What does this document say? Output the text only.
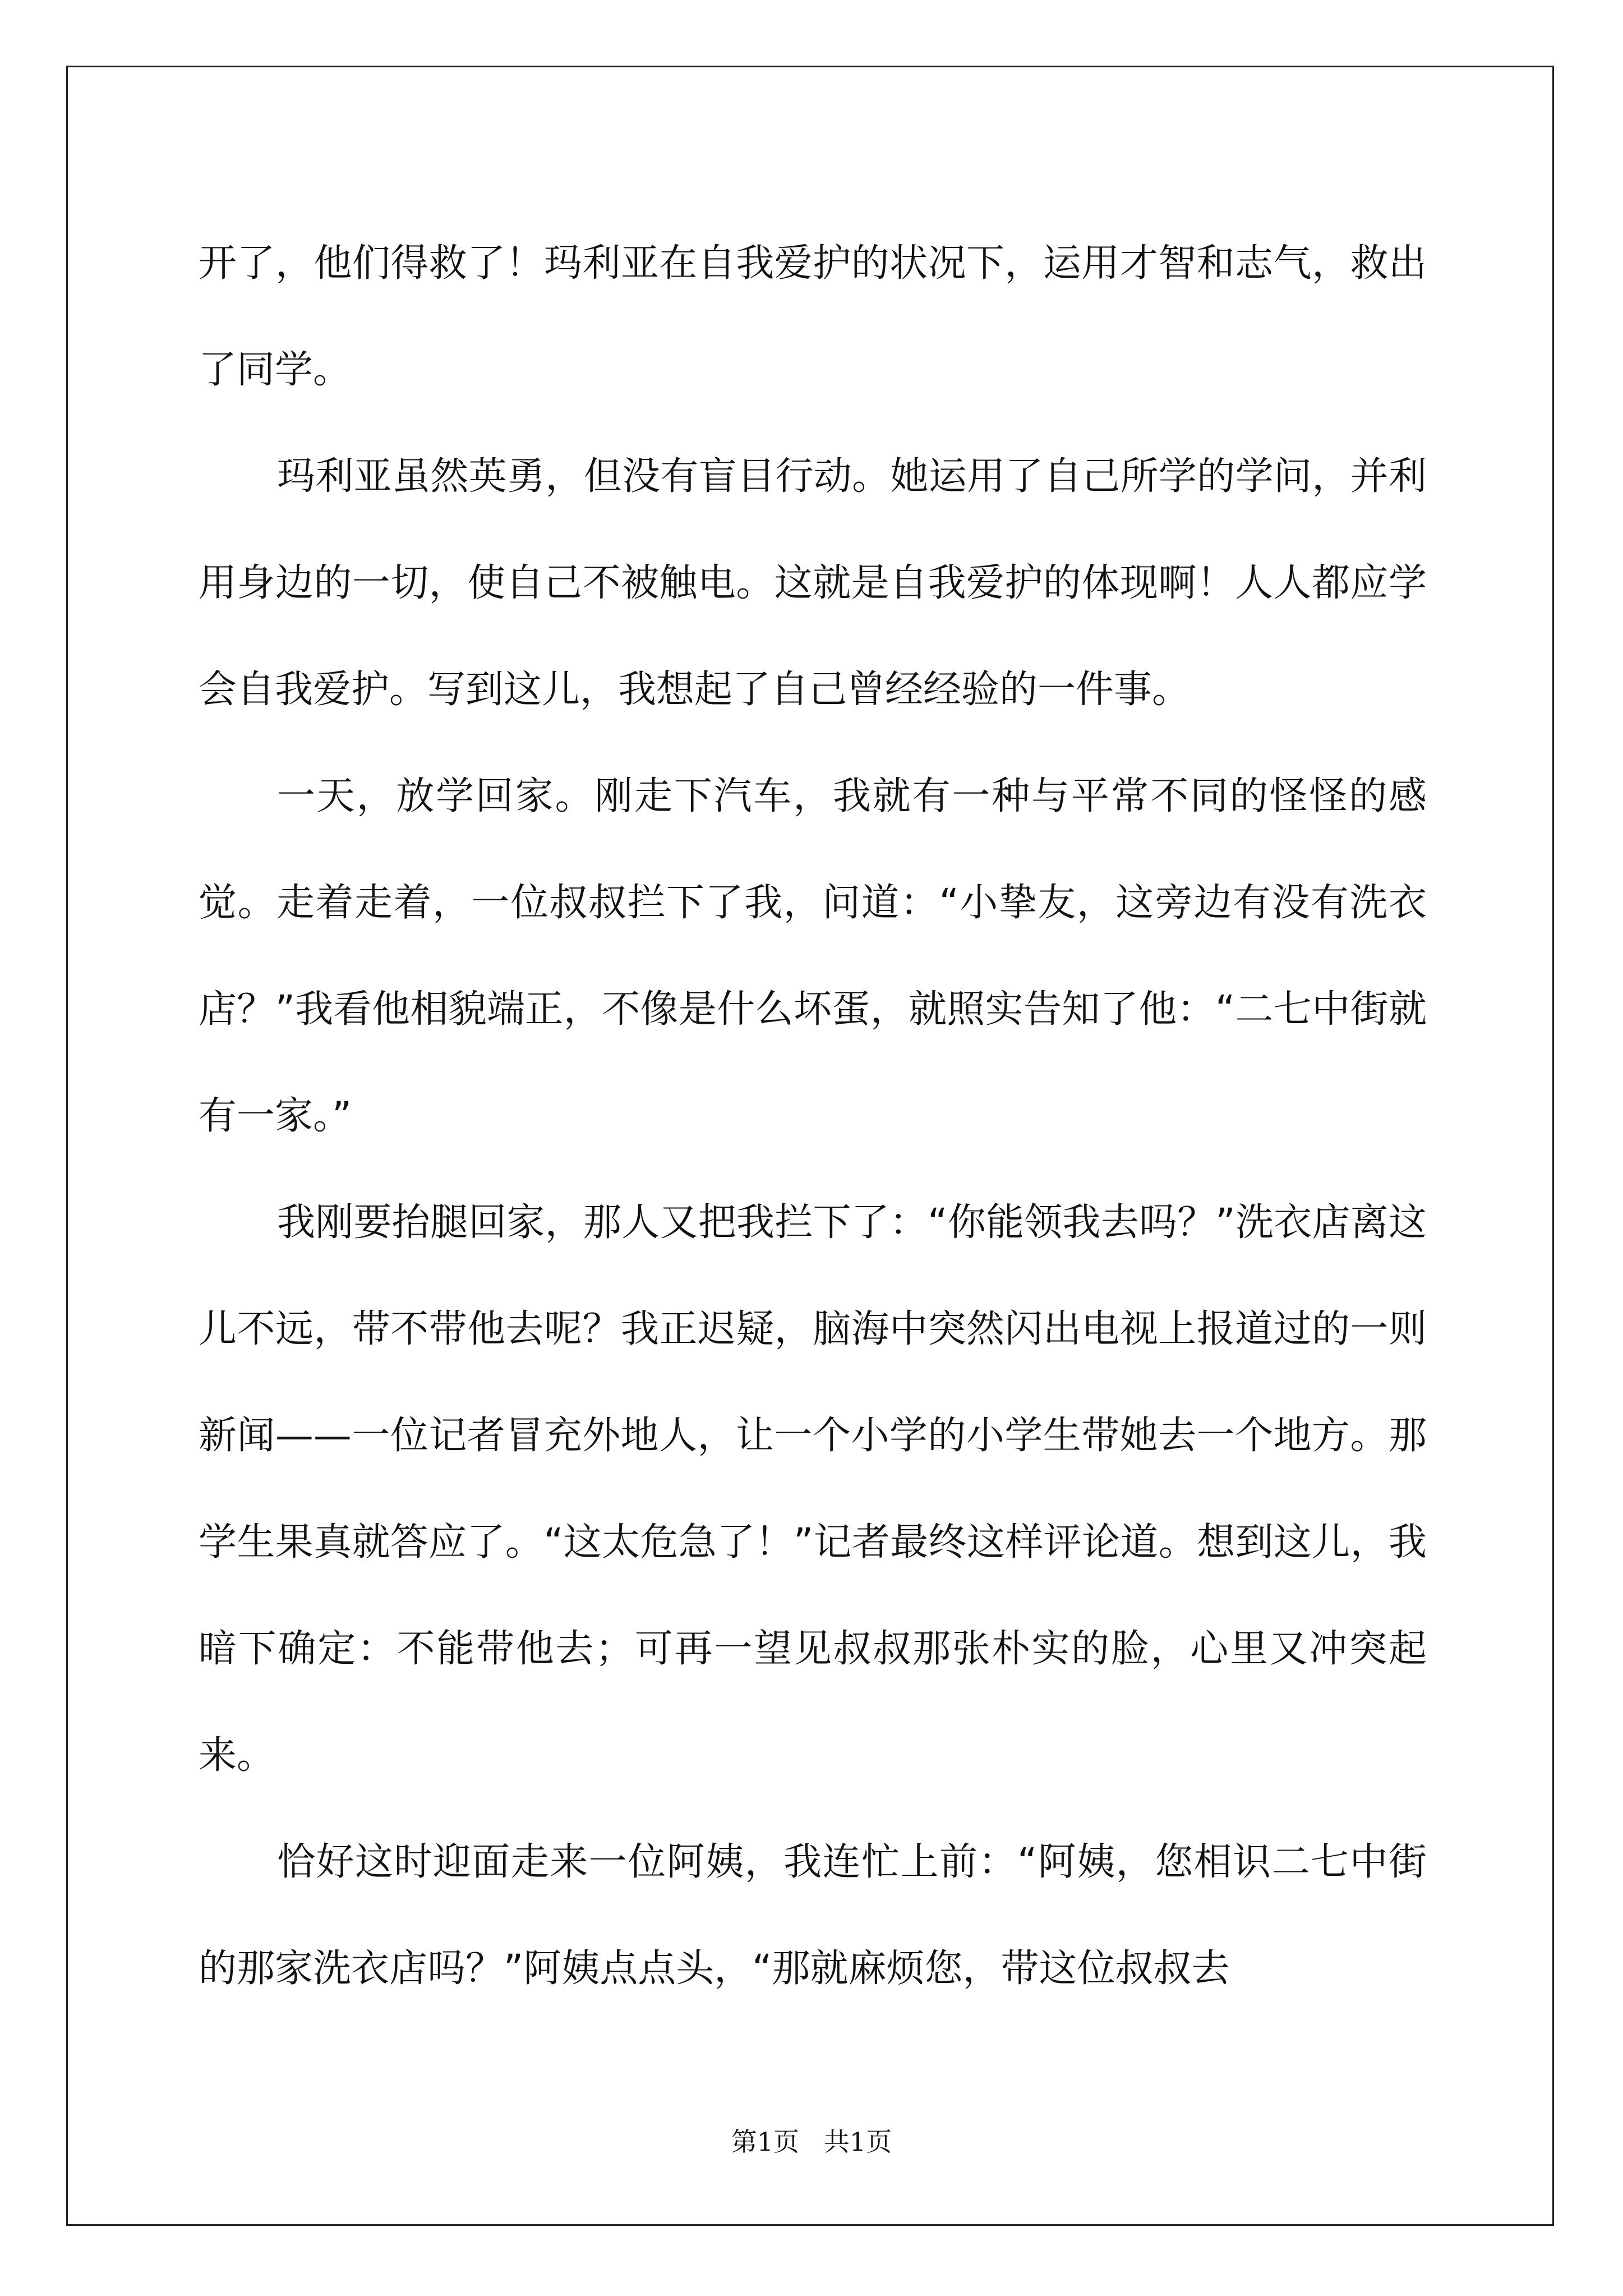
开了，他们得救了！玛利亚在自我爱护的状况下，运用才智和志气，救出了同学。

玛利亚虽然英勇，但没有盲目行动。她运用了自己所学的学问，并利用身边的一切，使自己不被触电。这就是自我爱护的体现啊！人人都应学会自我爱护。写到这儿，我想起了自己曾经经验的一件事。

一天，放学回家。刚走下汽车，我就有一种与平常不同的怪怪的感觉。走着走着，一位叔叔拦下了我，问道：“小挚友，这旁边有没有洗衣店？”我看他相貌端正，不像是什么坏蛋，就照实告知了他：“二七中街就有一家。”

我刚要抬腿回家，那人又把我拦下了：“你能领我去吗？”洗衣店离这儿不远，带不带他去呢？我正迟疑，脑海中突然闪出电视上报道过的一则新闻——一位记者冒充外地人，让一个小学的小学生带她去一个地方。那学生果真就答应了。“这太危急了！”记者最终这样评论道。想到这儿，我暗下确定：不能带他去；可再一望见叔叔那张朴实的脸，心里又冲突起来。

恰好这时迎面走来一位阿姨，我连忙上前：“阿姨，您相识二七中街的那家洗衣店吗？”阿姨点点头，“那就麻烦您，带这位叔叔去

第1页   共1页
